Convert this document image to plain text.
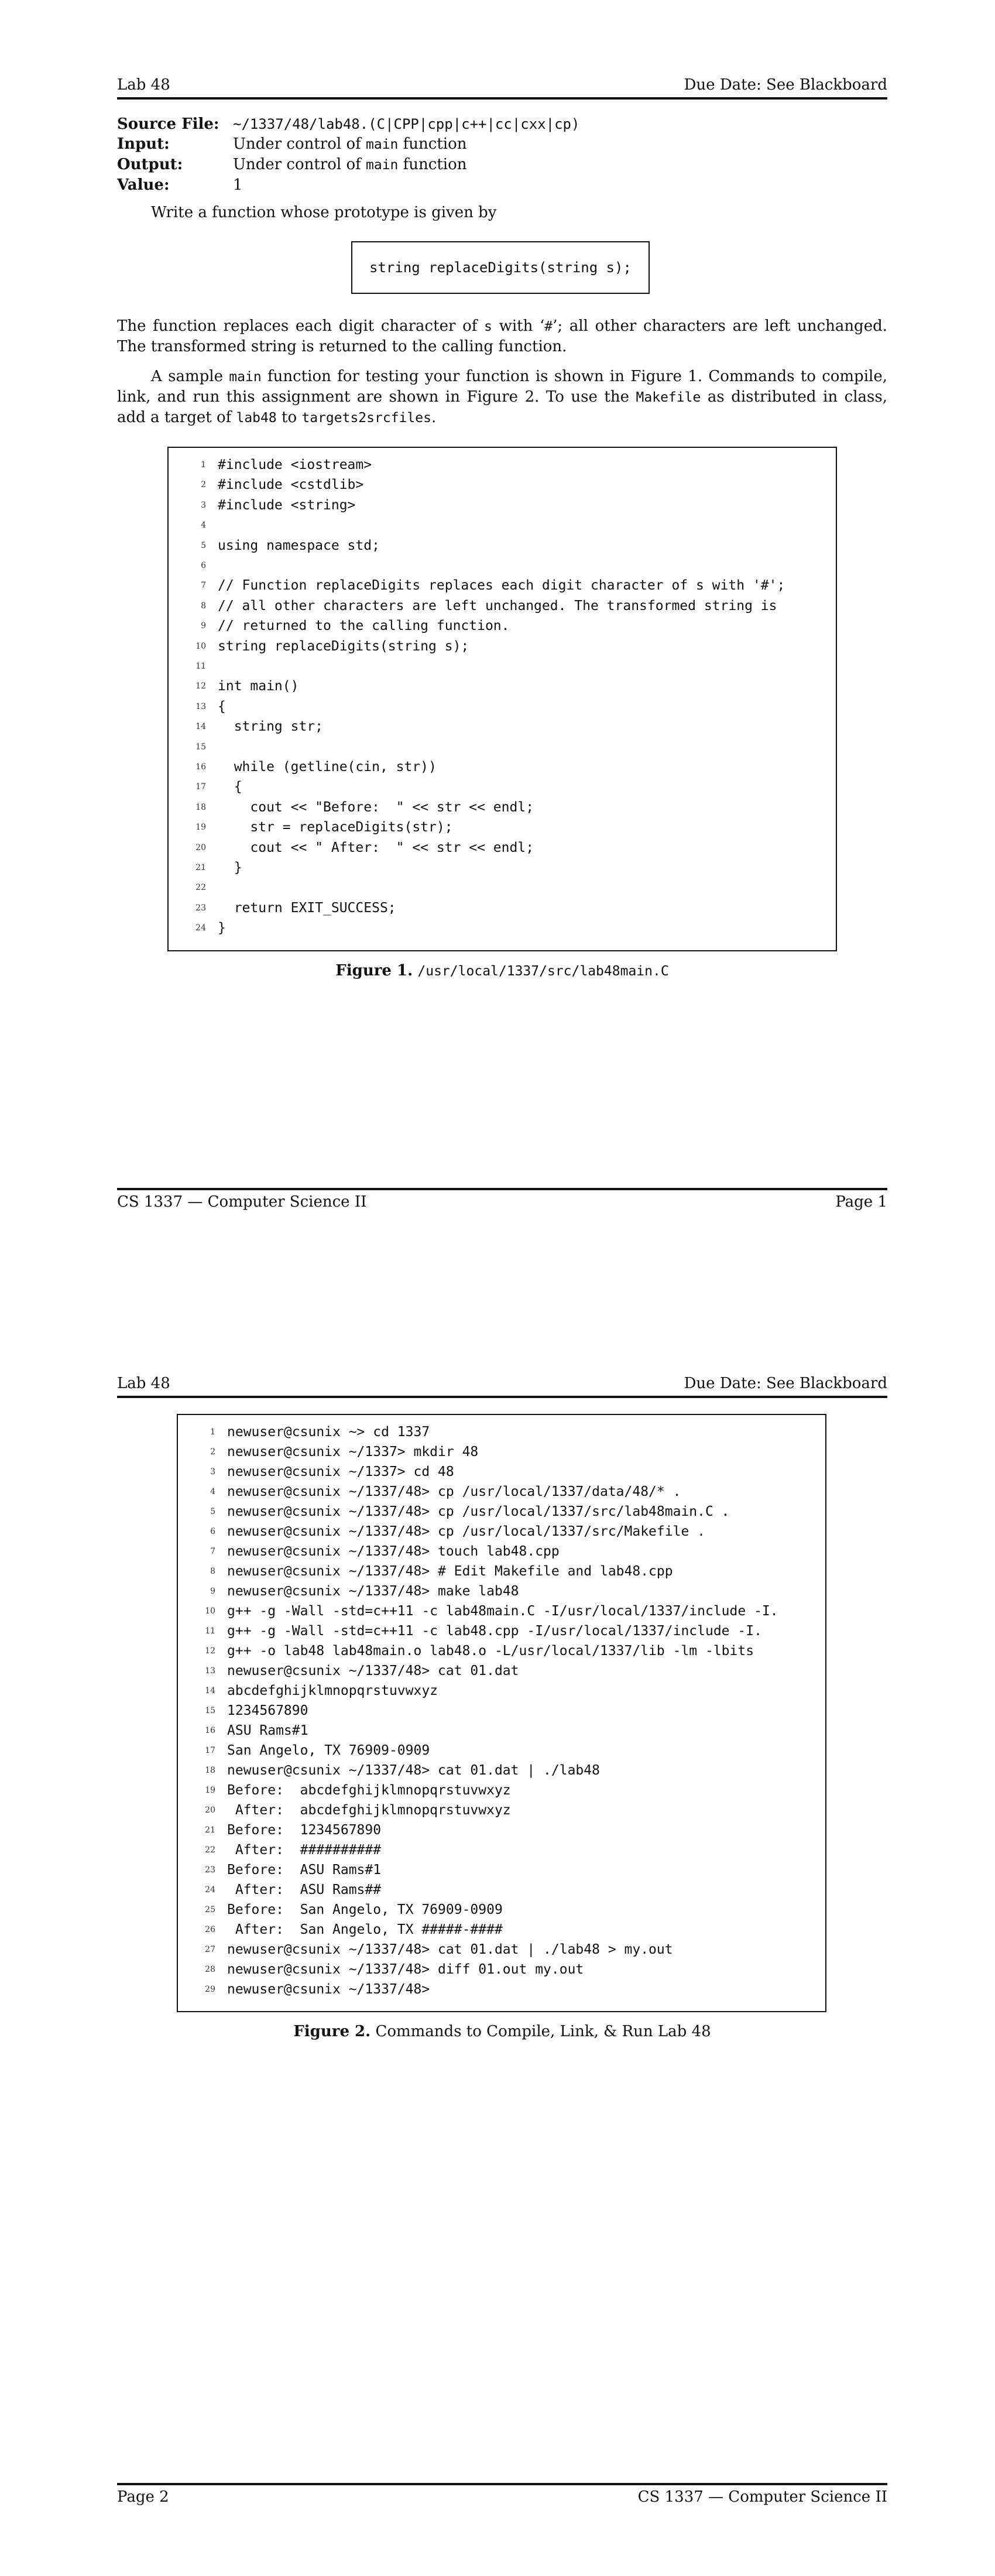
Lab 48	Due Date: See Blackboard
Source File: ~/1337/48/lab48.(C|CPP|cpp|c++|cc|cxx|cp)
Input:	Under control of main function
Output:	Under control of main function
Value:	1
Write a function whose prototype is given by
string replaceDigits(string s);
The function replaces each digit character of s with ‘#’; all other characters are left unchanged. The transformed string is returned to the calling function.
A sample main function for testing your function is shown in Figure 1. Commands to compile, link, and run this assignment are shown in Figure 2. To use the Makefile as distributed in class, add a target of lab48 to targets2srcfiles.
1 #include <iostream>
2 #include <cstdlib>
3 #include <string>
4
5 using namespace std;
6
7 // Function replaceDigits replaces each digit character of s with '#';
8 // all other characters are left unchanged. The transformed string is
9 // returned to the calling function.
10 string replaceDigits(string s);
11
12 int main()
13 {
14 string str;
15
16 while (getline(cin, str))
17 {
18 cout << "Before:  " << str << endl;
19 str = replaceDigits(str);
20 cout << " After:  " << str << endl;
21 }
22
23 return EXIT_SUCCESS;
24 }
Figure 1. /usr/local/1337/src/lab48main.C
CS 1337 — Computer Science II	Page 1
Lab 48	Due Date: See Blackboard
1 newuser@csunix ~> cd 1337
2 newuser@csunix ~/1337> mkdir 48
3 newuser@csunix ~/1337> cd 48
4 newuser@csunix ~/1337/48> cp /usr/local/1337/data/48/* .
5 newuser@csunix ~/1337/48> cp /usr/local/1337/src/lab48main.C .
6 newuser@csunix ~/1337/48> cp /usr/local/1337/src/Makefile .
7 newuser@csunix ~/1337/48> touch lab48.cpp
8 newuser@csunix ~/1337/48> # Edit Makefile and lab48.cpp
9 newuser@csunix ~/1337/48> make lab48
10 g++ -g -Wall -std=c++11 -c lab48main.C -I/usr/local/1337/include -I.
11 g++ -g -Wall -std=c++11 -c lab48.cpp -I/usr/local/1337/include -I.
12 g++ -o lab48 lab48main.o lab48.o -L/usr/local/1337/lib -lm -lbits
13 newuser@csunix ~/1337/48> cat 01.dat
14 abcdefghijklmnopqrstuvwxyz
15 1234567890
16 ASU Rams#1
17 San Angelo, TX 76909-0909
18 newuser@csunix ~/1337/48> cat 01.dat | ./lab48
19 Before:  abcdefghijklmnopqrstuvwxyz
20 After:  abcdefghijklmnopqrstuvwxyz
21 Before:  1234567890
22 After:  ##########
23 Before:  ASU Rams#1
24 After:  ASU Rams##
25 Before:  San Angelo, TX 76909-0909
26 After:  San Angelo, TX #####-####
27 newuser@csunix ~/1337/48> cat 01.dat | ./lab48 > my.out
28 newuser@csunix ~/1337/48> diff 01.out my.out
29 newuser@csunix ~/1337/48>
Figure 2. Commands to Compile, Link, & Run Lab 48
Page 2	CS 1337 — Computer Science II
